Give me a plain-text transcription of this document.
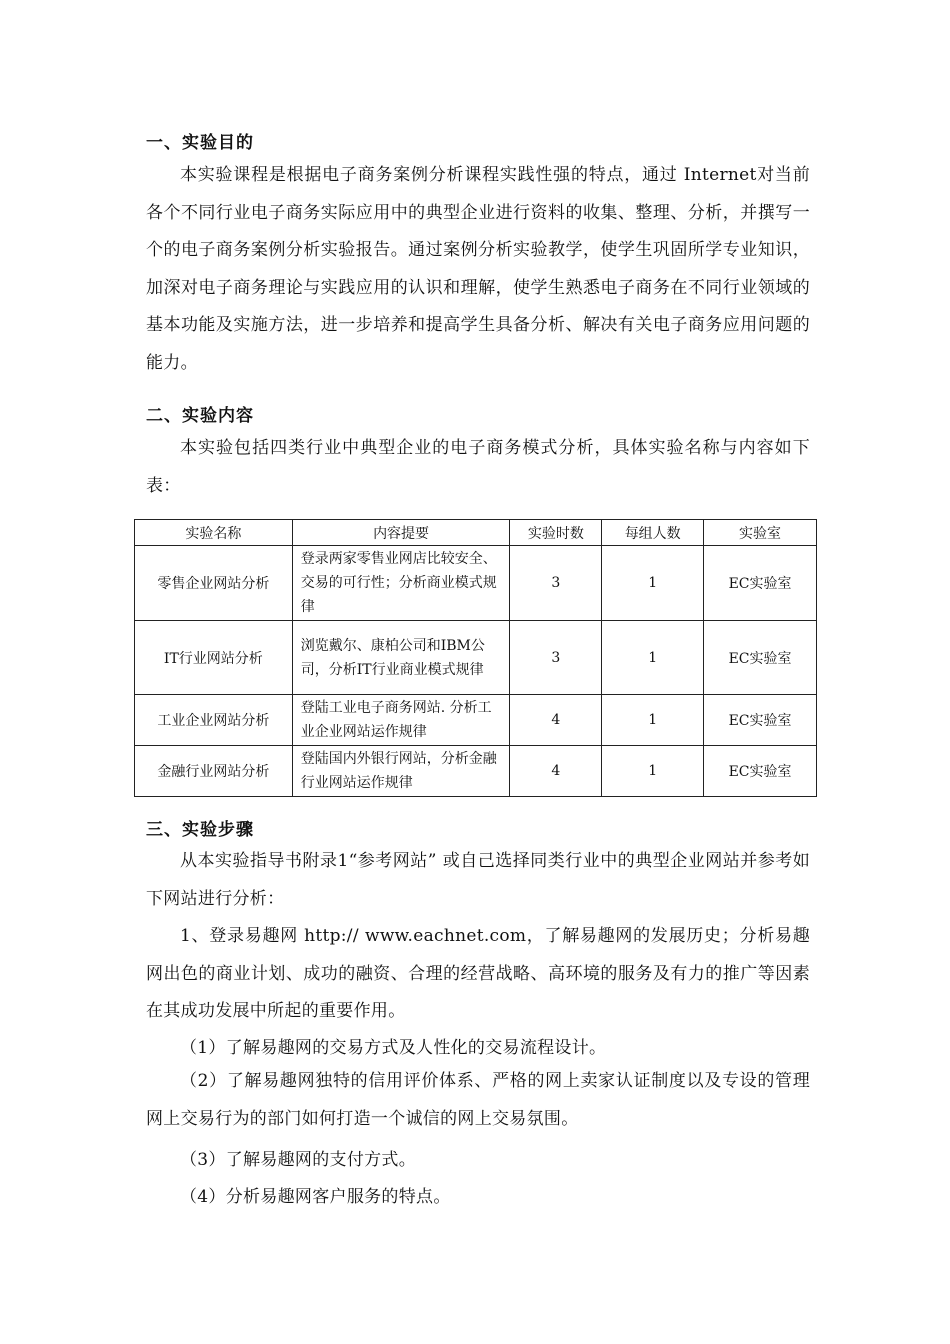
一、实验目的
本实验课程是根据电子商务案例分析课程实践性强的特点，通过 Internet对当前各个不同行业电子商务实际应用中的典型企业进行资料的收集、整理、分析，并撰写一个的电子商务案例分析实验报告。通过案例分析实验教学，使学生巩固所学专业知识，加深对电子商务理论与实践应用的认识和理解，使学生熟悉电子商务在不同行业领域的基本功能及实施方法，进一步培养和提高学生具备分析、解决有关电子商务应用问题的能力。
二、实验内容
本实验包括四类行业中典型企业的电子商务模式分析，具体实验名称与内容如下表：
实验名称	内容提要	实验时数	每组人数	实验室
零售企业网站分析	登录两家零售业网店比较安全、交易的可行性；分析商业模式规律	3	1	EC实验室
IT行业网站分析	浏览戴尔、康柏公司和IBM公司，分析IT行业商业模式规律	3	1	EC实验室
工业企业网站分析	登陆工业电子商务网站. 分析工业企业网站运作规律	4	1	EC实验室
金融行业网站分析	登陆国内外银行网站，分析金融行业网站运作规律	4	1	EC实验室
三、实验步骤
从本实验指导书附录1“参考网站” 或自己选择同类行业中的典型企业网站并参考如下网站进行分析：
1、登录易趣网 http:// www.eachnet.com，了解易趣网的发展历史；分析易趣网出色的商业计划、成功的融资、合理的经营战略、高环境的服务及有力的推广等因素在其成功发展中所起的重要作用。
（1）了解易趣网的交易方式及人性化的交易流程设计。
（2）了解易趣网独特的信用评价体系、严格的网上卖家认证制度以及专设的管理网上交易行为的部门如何打造一个诚信的网上交易氛围。
（3）了解易趣网的支付方式。
（4）分析易趣网客户服务的特点。
